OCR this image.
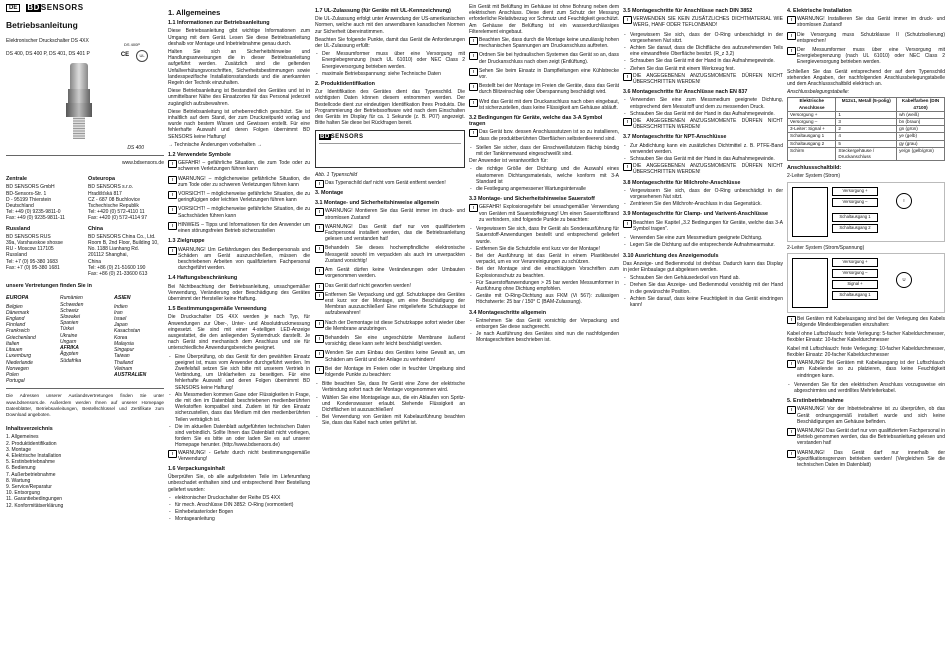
DE	BDSENSORS
Betriebsanleitung
DS 400P
CE	UL

Elektronischer Druckschalter DS 4XX

DS 400, DS 400 P, DS 401, DS 401 P

DS 400
www.bdsensors.de
Zentrale
BD SENSORS GmbH
BD-Sensors-Str. 1
D - 95199 Thierstein
Deutschland
Tel: +49 (0) 9235-9811-0
Fax: +49 (0) 9235-9811-11
Russland
BD SENSORS RUS
39a, Varshavskoe shosse
RU - Moscow 117105
Russland
Tel: +7 (0) 95-380 1683
Fax: +7 (0) 95-380 1681
Osteuropa
BD SENSORS s.r.o.
Hradišťská 817
CZ - 687 08 Buchlovice
Tschechische Republik
Tel: +420 (0) 572-4110 11
Fax: +420 (0) 572-4114 97
China
BD SENSORS China Co., Ltd.
Room B, 2nd Floor, Building 10,
No. 1188 Lianhang Rd.
201112 Shanghai,
China
Tel: +86 (0) 21-51600 190
Fax: +86 (0) 21-33600 613
unsere Vertretungen finden Sie in
EUROPA
Belgien
Dänemark
England
Finnland
Frankreich
Griechenland
Italien
Litauen
Luxemburg
Niederlande
Norwegen
Polen
Portugal
Rumänien
Schweden
Schweiz
Slowakei
Spanien
Türkei
Ukraine
Ungarn
AFRIKA
Ägypten
Südafrika
ASIEN
Indien
Iran
Israel
Japan
Kasachstan
Korea
Malaysia
Singapur
Taiwan
Thailand
Vietnam
AUSTRALIEN

Die Adressen unserer Auslandsvertretungen finden Sie unter www.bdsensors.de. Außerdem werden Ihnen auf unserer Homepage Datenblätter, Betriebsanleitungen, Bestellschlüssel und Zertifikate zum Download angeboten.

Inhaltsverzeichnis
1. Allgemeines
2. Produktidentifikation
3. Montage
4. Elektrische Installation
5. Erstinbetriebnahme
6. Bedienung
7. Außerbetriebnahme
8. Wartung
9. Service/Reparatur
10. Entsorgung
11. Garantiebedingungen
12. Konformitätserklärung
1. Allgemeines
1.1 Informationen zur Betriebsanleitung

Diese Betriebsanleitung gibt wichtige Informationen zum Umgang mit dem Gerät. Lesen Sie diese Betriebsanleitung deshalb vor Montage und Inbetriebnahme genau durch.

Halten Sie sich an Sicherheitshinweise und Handlungsanweisungen die in dieser Betriebsanleitung aufgeführt werden. Zusätzlich sind die geltenden Unfallverhütungsvorschriften, Sicherheitsbestimmungen sowie landesspezifische Installationsstandards und die anerkannten Regeln der Technik einzuhalten.

Diese Betriebsanleitung ist Bestandteil des Gerätes und ist in unmittelbarer Nähe des Einsatzortes für das Personal jederzeit zugänglich aufzubewahren.

Diese Betriebsanleitung ist urheberrechtlich geschützt. Sie ist inhaltlich auf dem Stand, der zum Druckzeitpunkt vorlag und wurde nach bestem Wissen und Gewissen erstellt. Für eine fehlerhafte Auswahl und deren Folgen übernimmt BD SENSORS keine Haftung!

→ Technische Änderungen vorbehalten →

1.2 Verwendete Symbole

! GEFAHR! – gefährliche Situation, die zum Tode oder zu schweren Verletzungen führen kann

! WARNUNG! – möglicherweise gefährliche Situation, die zum Tode oder zu schweren Verletzungen führen kann

! VORSICHT! – möglicherweise gefährliche Situation, die zu geringfügigen oder leichten Verletzungen führen kann

! VORSICHT! – möglicherweise gefährliche Situation, die zu Sachschäden führen kann

! HINWEIS – Tipps und Informationen für den Anwender um einen störungsfreien Betrieb sicherzustellen

1.3 Zielgruppe

! WARNUNG! Um Gefährdungen des Bedienpersonals und Schäden am Gerät auszuschließen, müssen die beschriebenen Arbeiten von qualifiziertem Fachpersonal durchgeführt werden.

1.4 Haftungsbeschränkung

Bei Nichtbeachtung der Betriebsanleitung, unsachgemäßer Verwendung, Veränderung oder Beschädigung des Gerätes übernimmt der Hersteller keine Haftung.

1.5 Bestimmungsgemäße Verwendung

Die Druckschalter DS 4XX werden je nach Typ, für Anwendungen zur Über-, Unter- und Absolutdruckmessung eingesetzt. Sie sind mit einer 4-stelligen LED-Anzeige ausgestattet, die den anliegenden Systemdruck darstellt. Je nach Gerät sind mechanisch dem Anschluss und sie für unterschiedliche Anwendungsbereiche geeignet.

- Eine Überprüfung, ob das Gerät für den gewählten Einsatz geeignet ist, muss vom Anwender durchgeführt werden. Im Zweifelsfall setzen Sie sich bitte mit unserem Vertrieb in Verbindung, um Unklarheiten zu beseitigen. Für eine fehlerhafte Auswahl und deren Folgen übernimmt BD SENSORS keine Haftung!

- Als Messmedien kommen Gase oder Flüssigkeiten in Frage, die mit den im Datenblatt beschriebenen medienberührten Werkstoffen kompatibel sind. Zudem ist für den Einsatz sicherzustellen, dass das Medium mit den medienberührten Teilen verträglich ist.

- Die im aktuellen Datenblatt aufgeführten technischen Daten sind verbindlich. Sollte Ihnen das Datenblatt nicht vorliegen, fordern Sie es bitte an oder laden Sie es auf unserer Homepage herunter. (http://www.bdsensors.de)

! WARNUNG! - Gefahr durch nicht bestimmungsgemäße Verwendung!

1.6 Verpackungsinhalt

Überprüfen Sie, ob alle aufgelisteten Teile im Lieferumfang unbeschadet enthalten sind und entsprechend Ihrer Bestellung geliefert wurden:

- elektronischer Druckschalter der Reihe DS 4XX

- für mech. Anschlüsse DIN 3852: O-Ring (vormontiert)

- Einhebetaster/oder Bogen

- Montageanleitung

1.7 UL-Zulassung (für Geräte mit UL-Kennzeichnung)

Die UL-Zulassung erfolgt unter Anwendung der US-amerikanischen Normen, welche auch mit den anwendbaren kanadischen Normen zur Sicherheit übereinstimmen.

Beachten Sie folgende Punkte, damit das Gerät die Anforderungen der UL-Zulassung erfüllt:

- Der Messumformer muss über eine Versorgung mit Energiebegrenzung (nach UL 61010) oder NEC Class 2 Energieversorgung betrieben werden.

- maximale Betriebsspannung: siehe Technische Daten

2. Produktidentifikation

Zur Identifikation des Gerätes dient das Typenschild. Die wichtigsten Daten können diesem entnommen werden. Der Bestellcode dient zur eindeutigen Identifikation Ihres Produkts. Die Programmierung der Betriebssoftware wird nach dem Einschalten des Geräts im Display für ca. 1 Sekunde (z. B. P07) angezeigt. Bitte halten Sie diese bei Rückfragen bereit.

BDSENSORS
Abb. 1 Typenschild

! Das Typenschild darf nicht vom Gerät entfernt werden!

3. Montage
3.1 Montage- und Sicherheitshinweise allgemein

! WARNUNG! Montieren Sie das Gerät immer im druck- und stromlosen Zustand!

! WARNUNG! Das Gerät darf nur von qualifiziertem Fachpersonal installiert werden, das die Betriebsanleitung gelesen und verstanden hat!

! Behandeln Sie dieses hochempfindliche elektronische Messgerät sowohl im verpackten als auch im unverpackten Zustand vorsichtig!

! Am Gerät dürfen keine Veränderungen oder Umbauten vorgenommen werden.

! Das Gerät darf nicht geworfen werden!

! Entfernen Sie Verpackung und ggf. Schutzkappe des Gerätes erst kurz vor der Montage, um eine Beschädigung der Membran auszuschließen! Eine mitgelieferte Schutzkappe ist aufzubewahren!

! Nach der Demontage ist diese Schutzkappe sofort wieder über die Membrane anzubringen.

! Behandeln Sie eine ungeschützte Membrane äußerst vorsichtig; diese kann sehr leicht beschädigt werden.

! Wenden Sie zum Einbau des Gerätes keine Gewalt an, um Schäden am Gerät und der Anlage zu verhindern!

! Bei der Montage im Freien oder in feuchter Umgebung sind folgende Punkte zu beachten:

- Bitte beachten Sie, dass Ihr Gerät eine Zone der elektrische Verbindung sofort nach der Montage vorgenommen wird.

- Wählen Sie eine Montagelage aus, die ein Ablaufen von Spritz- und Kondenswasser erlaubt. Stehende Flüssigkeit an Dichtflächen ist auszuschließen!

- Bei Verwendung von Geräten mit Kabelausführung beachten Sie, dass das Kabel nach unten geführt ist.

Ein Gerät mit Belüftung im Gehäuse ist ohne Bohrung neben dem elektrischen Anschluss. Diese dient zum Schutz der Messung erforderliche Relativbezug vor Schmutz und Feuchtigkeit geschützt. Am Gehäuse der Belüftung ist ein wasserdurchlässiges Filterelement eingebaut.

! Beachten Sie, dass durch die Montage keine unzulässig hohen mechanischen Spannungen am Druckanschluss auftreten.

! Ordnen Sie bei hydraulischen Systemen das Gerät so an, dass der Druckanschluss nach oben zeigt (Entlüftung).

! Sehen Sie beim Einsatz in Dampfleitungen eine Kühlstrecke vor.

! Bestellt bei der Montage im Freien die Geräte, dass das Gerät durch Blitzeinschlag oder Überspannung beschädigt wird.

! Wird das Gerät mit dem Druckanschluss nach oben eingebaut, ist sicherzustellen, dass keine Flüssigkeit am Gehäuse abläuft.

3.2 Bedingungen für Geräte, welche das 3-A Symbol tragen

! Das Gerät bzw. dessen Anschlussstutzen ist so zu installieren, dass die produktberührten Oberflächen selbstentleerend sind.

- Stellen Sie sicher, dass der Einschweißstutzen flächig bündig mit der Tankinnenwand eingeschweißt sind.

Der Anwender ist verantwortlich für:

- die richtige Größe der Dichtung und die Auswahl eines elastomeren Dichtungsmaterials, welche konform mit 3-A Standard ist

- die Festlegung angemessener Wartungsintervalle

3.3 Montage- und Sicherheitshinweise Sauerstoff

! GEFAHR! Explosionsgefahr bei unsachgemäßer Verwendung von Geräten mit Sauerstoffeignung! Um einen Sauerstoffbrand zu verhindern, sind folgende Punkte zu beachten:

- Vergewissern Sie sich, dass Ihr Gerät als Sonderausführung für Sauerstoff-Anwendungen bestellt und entsprechend geliefert wurde.

- Entfernen Sie die Schutzfolie erst kurz vor der Montage!

- Bei der Ausführung ist das Gerät in einem Plastikbeutel verpackt, um es vor Verunreinigungen zu schützen.

- Bei der Montage sind die einschlägigen Vorschriften zum Explosionsschutz zu beachten.

- Für Sauerstoffanwendungen > 25 bar werden Messumformer in Ausführung ohne Dichtung empfohlen.

- Geräte mit O-Ring-Dichtung aus FKM (Vi 567): zulässigen Höchstwerte: 25 bar / 150° C (BAM-Zulassung).

3.4 Montageschritte allgemein

- Entnehmen Sie das Gerät vorsichtig der Verpackung und entsorgen Sie diese sachgerecht.

- Je nach Ausführung des Gerätes sind nun die nachfolgenden Montageschritten beschrieben ist.

3.5 Montageschritte für Anschlüsse nach DIN 3852

! VERWENDEN SIE KEIN ZUSÄTZLICHES DICHTMATERIAL WIE WERG, HANF ODER TEFLONBAND!

- Vergewissern Sie sich, dass der O-Ring unbeschädigt in der vorgesehenen Nut sitzt.

- Achten Sie darauf, dass die Dichtfläche des aufzunehmenden Teils eine einwandfreie Oberfläche besitzt. (R_z 3,2)

- Schrauben Sie das Gerät mit der Hand in das Aufnahmegewinde.

- Ziehen Sie das Gerät mit einem Werkzeug fest.

! DIE ANGEGEBENEN ANZUGSMOMENTE DÜRFEN NICHT ÜBERSCHRITTEN WERDEN!

3.6 Montageschritte für Anschlüsse nach EN 837

- Verwenden Sie eine zum Messmedium geeignete Dichtung, entsprechend dem Messstoff und dem zu messenden Druck.

- Schrauben Sie das Gerät mit der Hand in das Aufnahmegewinde.

! DIE ANGEGEBENEN ANZUGSMOMENTE DÜRFEN NICHT ÜBERSCHRITTEN WERDEN!

3.7 Montageschritte für NPT-Anschlüsse

- Zur Abdichtung kann ein zusätzliches Dichtmittel z. B. PTFE-Band verwendet werden.

- Schrauben Sie das Gerät mit der Hand in das Aufnahmegewinde.

! DIE ANGEGEBENEN ANZUGSMOMENTE DÜRFEN NICHT ÜBERSCHRITTEN WERDEN!

3.8 Montageschritte für Milchrohr-Anschlüsse

- Vergewissern Sie sich, dass der O-Ring unbeschädigt in der vorgesehenen Nut sitzt.

- Zentrieren Sie den Milchrohr-Anschluss in das Gegenstück.

3.9 Montageschritte für Clamp- und Varivent-Anschlüsse

! Beachten Sie Kapitel „3.2 Bedingungen für Geräte, welche das 3-A Symbol tragen“.

- Verwenden Sie eine zum Messmedium geeignete Dichtung.

- Legen Sie die Dichtung auf die entsprechende Aufnahmearmatur.

3.10 Ausrichtung des Anzeigemoduls

Das Anzeige- und Bedienmodul ist drehbar. Dadurch kann das Display in jeder Einbaulage gut abgelesen werden.

- Schrauben Sie den Gehäusedeckel von Hand ab.

- Drehen Sie das Anzeige- und Bedienmodul vorsichtig mit der Hand in die gewünschte Position.

- Achten Sie darauf, dass keine Feuchtigkeit in das Gerät eindringen kann!

4. Elektrische Installation

! WARNUNG! Installieren Sie das Gerät immer im druck- und stromlosen Zustand!

! Die Versorgung muss Schutzklasse II (Schutzisolierung) entsprechen!

! Der Messumformer muss über eine Versorgung mit Energiebegrenzung (nach UL 61010) oder NEC Class 2 Energieversorgung betrieben werden.

Schließen Sie das Gerät entsprechend der auf dem Typenschild stehenden Angaben, der nachfolgenden Anschlussbelegungstabelle und dem Anschlussschaltbild elektrisch an.

Anschlussbelegungstabelle:
Elektrische Anschlüsse	M12x1, Metall (5-polig)	Kabelfarben (DIN 47100)
Versorgung +	1	wh (weiß)
Versorgung –	3	bn (braun)
3-Leiter: Signal +	2	gn (grün)
Schaltausgang 1	4	ye (gelb)
Schaltausgang 2	5	gy (grau)
Schirm	Steckergehäuse / Druckanschluss	ye/gn (gelb/grün)
Anschlussschaltbild:
2-Leiter System (Strom)
Versorgung +
Versorgung –
Schaltausgang 1
Schaltausgang 2
I
2-Leiter System (Strom/Spannung)
Versorgung +
Versorgung –
Signal +
Schaltausgang 1
U

! Bei Geräten mit Kabelausgang sind bei der Verlegung des Kabels folgende Mindestbiegeradien einzuhalten:

Kabel ohne Luftschlauch: feste Verlegung: 5-facher Kabeldurchmesser, flexibler Einsatz: 10-facher Kabeldurchmesser

Kabel mit Luftschlauch: feste Verlegung: 10-facher Kabeldurchmesser, flexibler Einsatz: 20-facher Kabeldurchmesser

! WARNUNG! Bei Geräten mit Kabelausgang ist der Luftschlauch am Kabelende so zu platzieren, dass keine Feuchtigkeit eindringen kann.

- Verwenden Sie für den elektrischen Anschluss vorzugsweise ein abgeschirmtes und verdrilltes Mehrleiterkabel.

5. Erstinbetriebnahme

! WARNUNG! Vor der Inbetriebnahme ist zu überprüfen, ob das Gerät ordnungsgemäß installiert wurde und sich keine Beschädigungen am Gehäuse befinden.

! WARNUNG! Das Gerät darf nur von qualifiziertem Fachpersonal in Betrieb genommen werden, das die Betriebsanleitung gelesen und verstanden hat!

! WARNUNG! Das Gerät darf nur innerhalb der Spezifikationsgrenzen betrieben werden! (Vergleichen Sie die technischen Daten im Datenblatt)
